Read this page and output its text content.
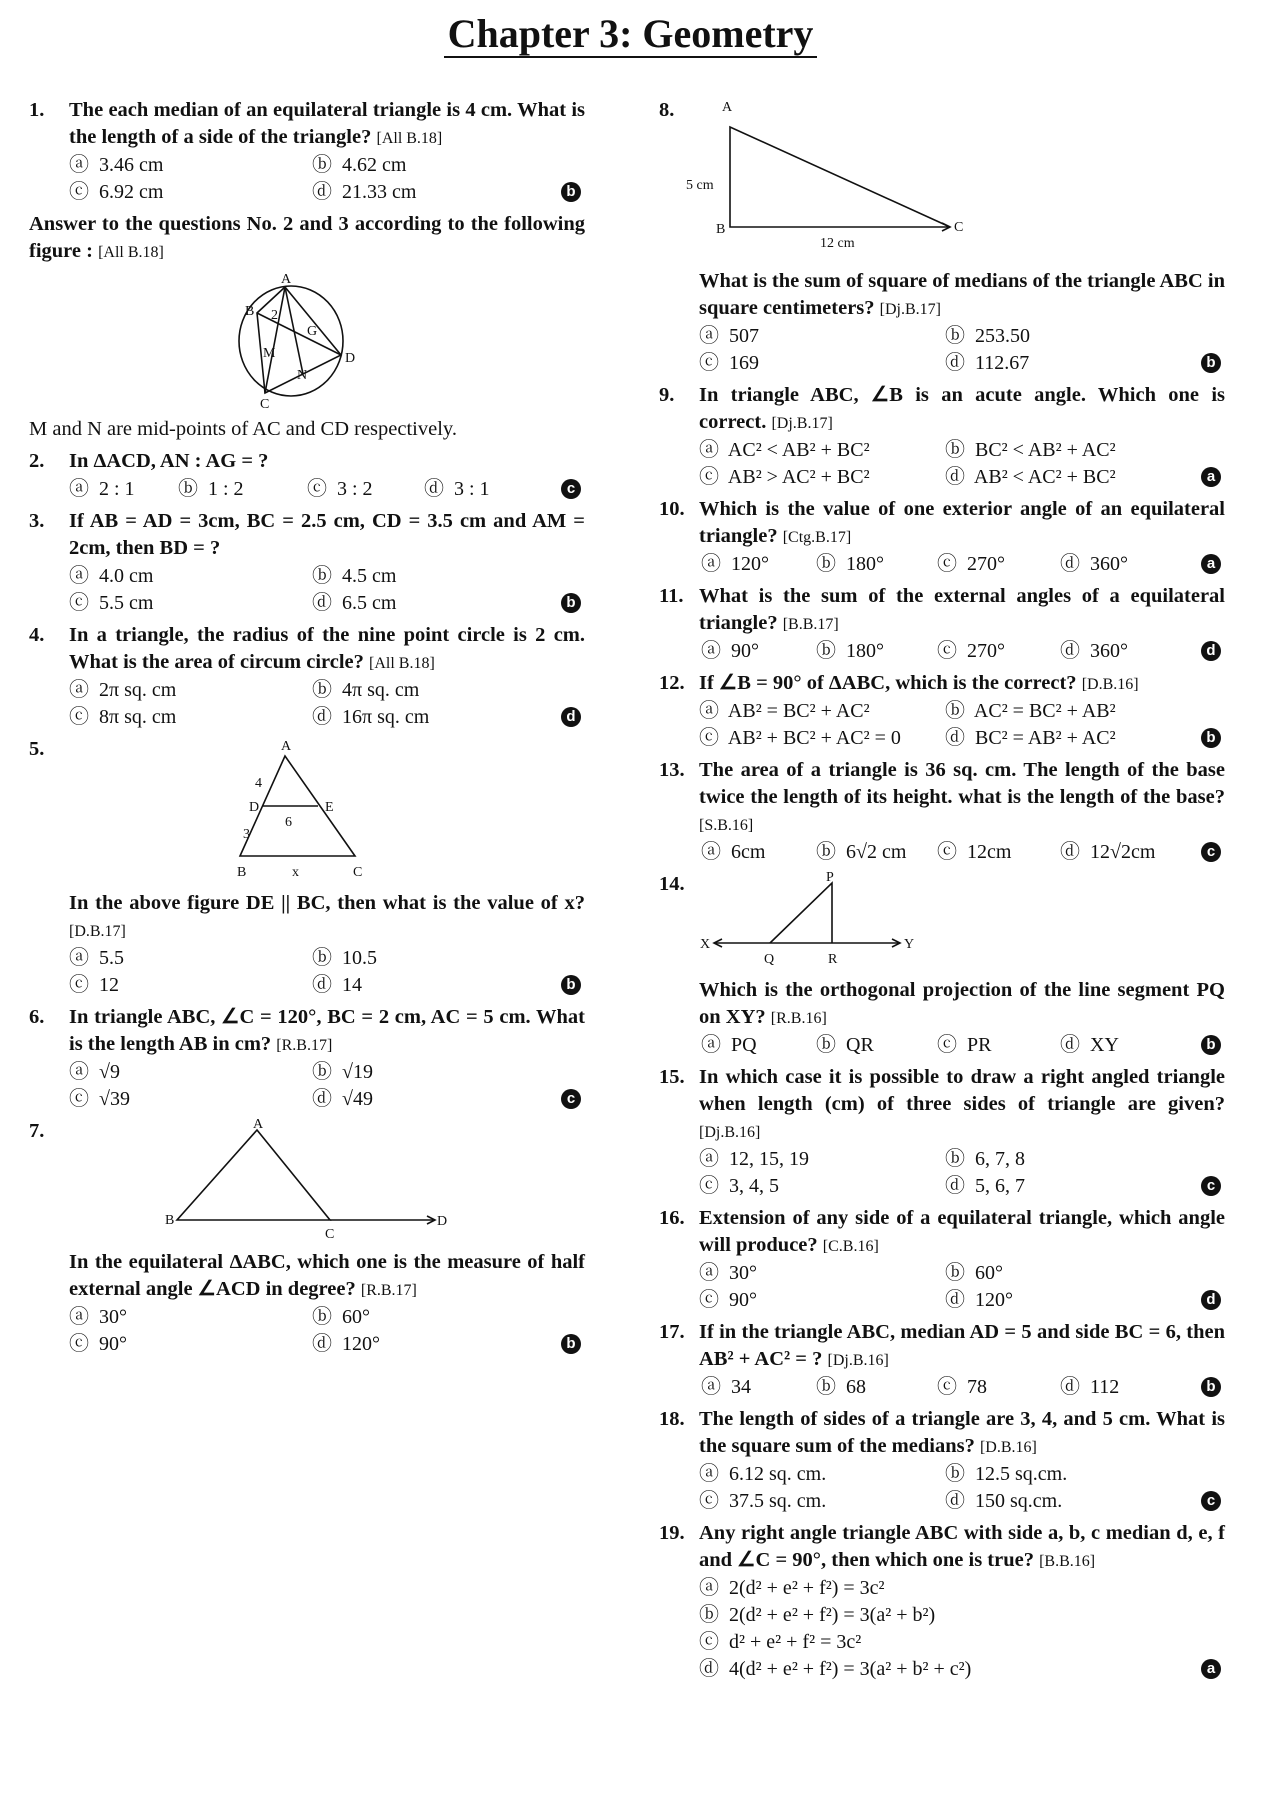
Chapter 3: Geometry
1.	The each median of an equilateral triangle is 4 cm. What is the length of a side of the triangle? [All B.18]
ⓐ 3.46 cm	ⓑ 4.62 cm
ⓒ 6.92 cm	ⓓ 21.33 cm	b
Answer to the questions No. 2 and 3 according to the following figure : [All B.18]
A
B 2
G
M	D
N
C
M and N are mid-points of AC and CD respectively.
2.	In ΔACD, AN : AG = ?
ⓐ 2 : 1 ⓑ 1 : 2	ⓒ 3 : 2	ⓓ 3 : 1	c
3.	If AB = AD = 3cm, BC = 2.5 cm, CD = 3.5 cm and AM = 2cm, then BD = ?
ⓐ 4.0 cm	ⓑ 4.5 cm
ⓒ 5.5 cm	ⓓ 6.5 cm	b
4.	In a triangle, the radius of the nine point circle is 2 cm. What is the area of circum circle? [All B.18]
ⓐ 2π sq. cm	ⓑ 4π sq. cm
ⓒ 8π sq. cm	ⓓ 16π sq. cm	d
5.	A
4
D	E
6
3
B	x	C
In the above figure DE || BC, then what is the value of x? [D.B.17]
ⓐ 5.5	ⓑ 10.5
ⓒ 12	ⓓ 14	b
6.	In triangle ABC, ∠C = 120°, BC = 2 cm, AC = 5 cm. What is the length AB in cm? [R.B.17]
ⓐ √9	ⓑ √19
ⓒ √39	ⓓ √49	c
7.	A
B
C
D
In the equilateral ΔABC, which one is the measure of half external angle ∠ACD in degree? [R.B.17]
ⓐ 30°	ⓑ 60°
ⓒ 90°	ⓓ 120°	b
8.	A
5 cm
B
12 cm
C
What is the sum of square of medians of the triangle ABC in square centimeters? [Dj.B.17]
ⓐ 507	ⓑ 253.50
ⓒ 169	ⓓ 112.67	b
9.	In triangle ABC, ∠B is an acute angle. Which one is correct. [Dj.B.17]
ⓐ AC² < AB² + BC²	ⓑ BC² < AB² + AC²
ⓒ AB² > AC² + BC²	ⓓ AB² < AC² + BC²	a
10. Which is the value of one exterior angle of an equilateral triangle? [Ctg.B.17]
ⓐ 120° ⓑ 180°	ⓒ 270°	ⓓ 360°	a
11. What is the sum of the external angles of a equilateral triangle? [B.B.17]
ⓐ 90°	ⓑ 180°	ⓒ 270°	ⓓ 360°	d
12. If ∠B = 90° of ΔABC, which is the correct? [D.B.16]
ⓐ AB² = BC² + AC²	ⓑ AC² = BC² + AB²
ⓒ AB² + BC² + AC² = 0 ⓓ BC² = AB² + AC²	b
13. The area of a triangle is 36 sq. cm. The length of the base twice the length of its height. what is the length of the base? [S.B.16]
ⓐ 6cm	ⓑ 6√2 cm ⓒ 12cm ⓓ 12√2cm	c
14.	P
X
Q	R
Y
Which is the orthogonal projection of the line segment PQ on XY? [R.B.16]
ⓐ PQ	ⓑ QR	ⓒ PR	ⓓ XY	b
15. In which case it is possible to draw a right angled triangle when length (cm) of three sides of triangle are given? [Dj.B.16]
ⓐ 12, 15, 19	ⓑ 6, 7, 8
ⓒ 3, 4, 5	ⓓ 5, 6, 7	c
16. Extension of any side of a equilateral triangle, which angle will produce? [C.B.16]
ⓐ 30°	ⓑ 60°
ⓒ 90°	ⓓ 120°	d
17. If in the triangle ABC, median AD = 5 and side BC = 6, then AB² + AC² = ? [Dj.B.16]
ⓐ 34	ⓑ 68	ⓒ 78	ⓓ 112	b
18. The length of sides of a triangle are 3, 4, and 5 cm. What is the square sum of the medians? [D.B.16]
ⓐ 6.12 sq. cm.	ⓑ 12.5 sq.cm.
ⓒ 37.5 sq. cm.	ⓓ 150 sq.cm.	c
19. Any right angle triangle ABC with side a, b, c median d, e, f and ∠C = 90°, then which one is true? [B.B.16]
ⓐ 2(d² + e² + f²) = 3c²
ⓑ 2(d² + e² + f²) = 3(a² + b²)
ⓒ d² + e² + f² = 3c²
ⓓ 4(d² + e² + f²) = 3(a² + b² + c²)	a
